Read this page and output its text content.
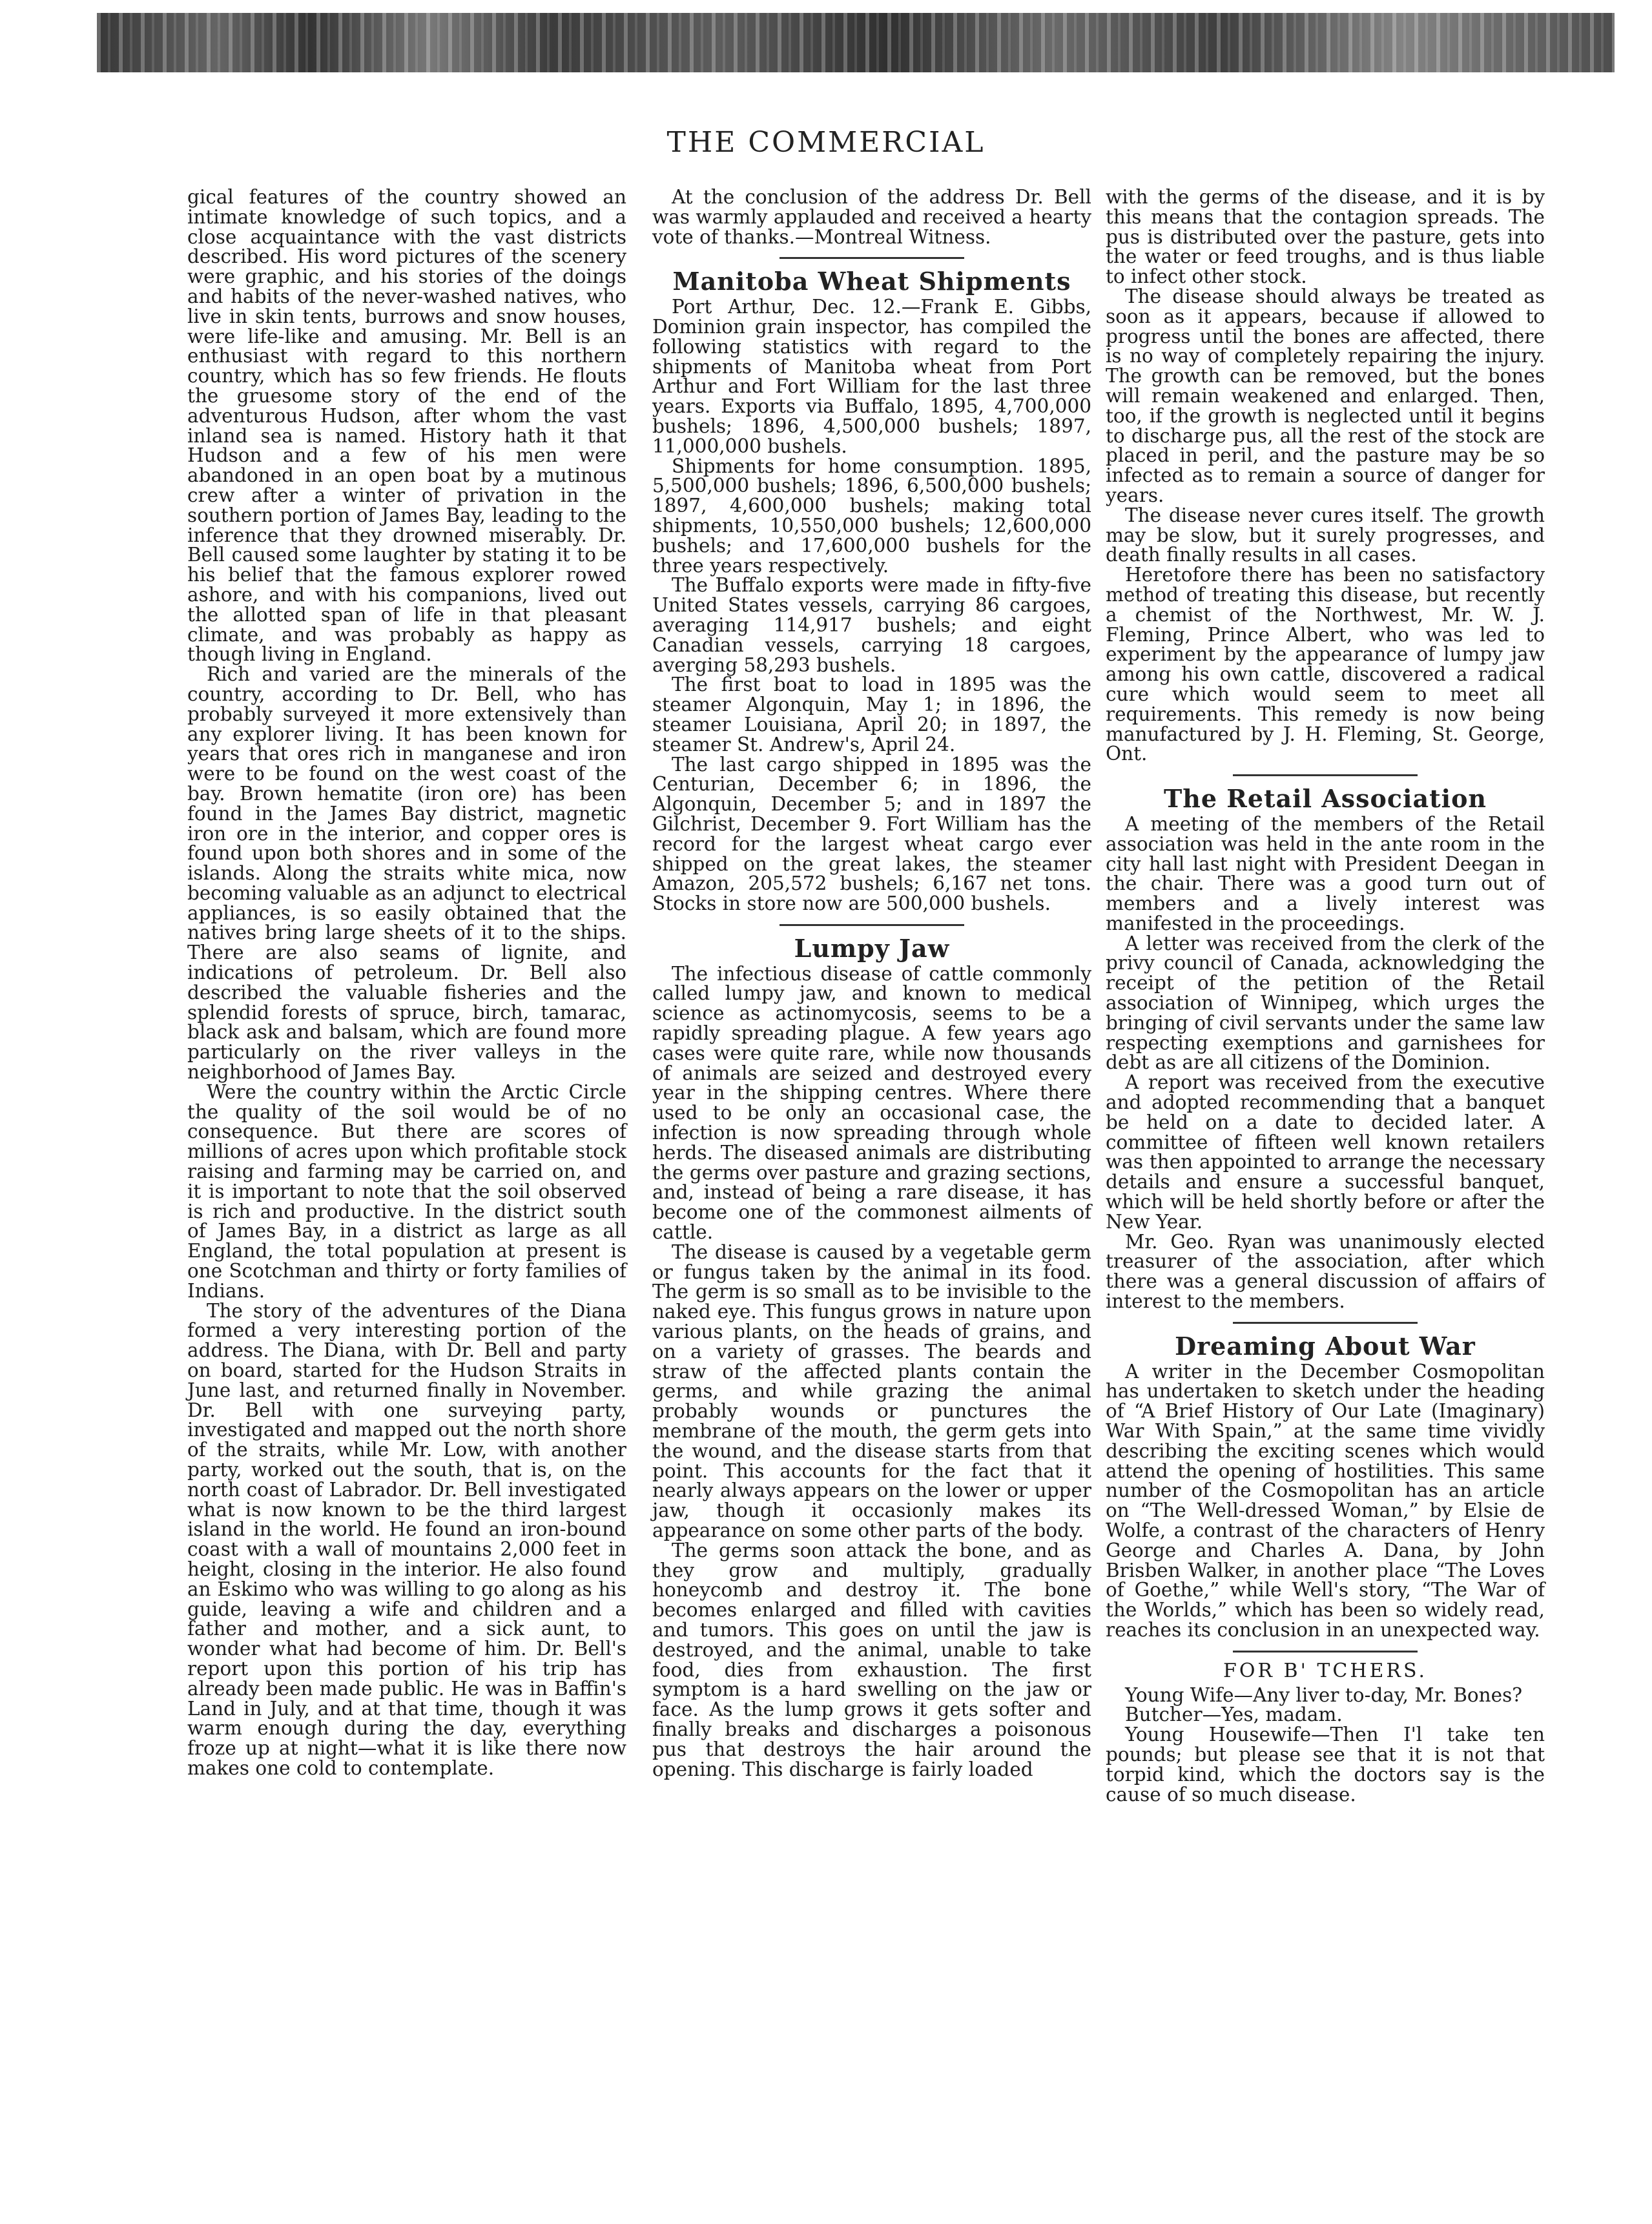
THE COMMERCIAL

gical features of the country showed an intimate knowledge of such topics, and a close acquaintance with the vast districts described. His word pictures of the scenery were graphic, and his stories of the doings and habits of the never-washed natives, who live in skin tents, burrows and snow houses, were life-like and amusing. Mr. Bell is an enthusiast with regard to this northern country, which has so few friends. He flouts the gruesome story of the end of the adventurous Hudson, after whom the vast inland sea is named. History hath it that Hudson and a few of his men were abandoned in an open boat by a mutinous crew after a winter of privation in the southern portion of James Bay, leading to the inference that they drowned miserably. Dr. Bell caused some laughter by stating it to be his belief that the famous explorer rowed ashore, and with his companions, lived out the allotted span of life in that pleasant climate, and was probably as happy as though living in England.

Rich and varied are the minerals of the country, according to Dr. Bell, who has probably surveyed it more extensively than any explorer living. It has been known for years that ores rich in manganese and iron were to be found on the west coast of the bay. Brown hematite (iron ore) has been found in the James Bay district, magnetic iron ore in the interior, and copper ores is found upon both shores and in some of the islands. Along the straits white mica, now becoming valuable as an adjunct to electrical appliances, is so easily obtained that the natives bring large sheets of it to the ships. There are also seams of lignite, and indications of petroleum. Dr. Bell also described the valuable fisheries and the splendid forests of spruce, birch, tamarac, black ask and balsam, which are found more particularly on the river valleys in the neighborhood of James Bay.

Were the country within the Arctic Circle the quality of the soil would be of no consequence. But there are scores of millions of acres upon which profitable stock raising and farming may be carried on, and it is important to note that the soil observed is rich and productive. In the district south of James Bay, in a district as large as all England, the total population at present is one Scotchman and thirty or forty families of Indians.

The story of the adventures of the Diana formed a very interesting portion of the address. The Diana, with Dr. Bell and party on board, started for the Hudson Straits in June last, and returned finally in November. Dr. Bell with one surveying party, investigated and mapped out the north shore of the straits, while Mr. Low, with another party, worked out the south, that is, on the north coast of Labrador. Dr. Bell investigated what is now known to be the third largest island in the world. He found an iron-bound coast with a wall of mountains 2,000 feet in height, closing in the interior. He also found an Eskimo who was willing to go along as his guide, leaving a wife and children and a father and mother, and a sick aunt, to wonder what had become of him. Dr. Bell's report upon this portion of his trip has already been made public. He was in Baffin's Land in July, and at that time, though it was warm enough during the day, everything froze up at night—what it is like there now makes one cold to contemplate.

At the conclusion of the address Dr. Bell was warmly applauded and received a hearty vote of thanks.—Montreal Witness.

Manitoba Wheat Shipments

Port Arthur, Dec. 12.—Frank E. Gibbs, Dominion grain inspector, has compiled the following statistics with regard to the shipments of Manitoba wheat from Port Arthur and Fort William for the last three years. Exports via Buffalo, 1895, 4,700,000 bushels; 1896, 4,500,000 bushels; 1897, 11,000,000 bushels.

Shipments for home consumption. 1895, 5,500,000 bushels; 1896, 6,500,000 bushels; 1897, 4,600,000 bushels; making total shipments, 10,550,000 bushels; 12,600,000 bushels; and 17,600,000 bushels for the three years respectively.

The Buffalo exports were made in fifty-five United States vessels, carrying 86 cargoes, averaging 114,917 bushels; and eight Canadian vessels, carrying 18 cargoes, averging 58,293 bushels.

The first boat to load in 1895 was the steamer Algonquin, May 1; in 1896, the steamer Louisiana, April 20; in 1897, the steamer St. Andrew's, April 24.

The last cargo shipped in 1895 was the Centurian, December 6; in 1896, the Algonquin, December 5; and in 1897 the Gilchrist, December 9. Fort William has the record for the largest wheat cargo ever shipped on the great lakes, the steamer Amazon, 205,572 bushels; 6,167 net tons. Stocks in store now are 500,000 bushels.

Lumpy Jaw

The infectious disease of cattle commonly called lumpy jaw, and known to medical science as actinomycosis, seems to be a rapidly spreading plague. A few years ago cases were quite rare, while now thousands of animals are seized and destroyed every year in the shipping centres. Where there used to be only an occasional case, the infection is now spreading through whole herds. The diseased animals are distributing the germs over pasture and grazing sections, and, instead of being a rare disease, it has become one of the commonest ailments of cattle.

The disease is caused by a vegetable germ or fungus taken by the animal in its food. The germ is so small as to be invisible to the naked eye. This fungus grows in nature upon various plants, on the heads of grains, and on a variety of grasses. The beards and straw of the affected plants contain the germs, and while grazing the animal probably wounds or punctures the membrane of the mouth, the germ gets into the wound, and the disease starts from that point. This accounts for the fact that it nearly always appears on the lower or upper jaw, though it occasionly makes its appearance on some other parts of the body.

The germs soon attack the bone, and as they grow and multiply, gradually honeycomb and destroy it. The bone becomes enlarged and filled with cavities and tumors. This goes on until the jaw is destroyed, and the animal, unable to take food, dies from exhaustion. The first symptom is a hard swelling on the jaw or face. As the lump grows it gets softer and finally breaks and discharges a poisonous pus that destroys the hair around the opening. This discharge is fairly loaded

with the germs of the disease, and it is by this means that the contagion spreads. The pus is distributed over the pasture, gets into the water or feed troughs, and is thus liable to infect other stock.

The disease should always be treated as soon as it appears, because if allowed to progress until the bones are affected, there is no way of completely repairing the injury. The growth can be removed, but the bones will remain weakened and enlarged. Then, too, if the growth is neglected until it begins to discharge pus, all the rest of the stock are placed in peril, and the pasture may be so infected as to remain a source of danger for years.

The disease never cures itself. The growth may be slow, but it surely progresses, and death finally results in all cases.

Heretofore there has been no satisfactory method of treating this disease, but recently a chemist of the Northwest, Mr. W. J. Fleming, Prince Albert, who was led to experiment by the appearance of lumpy jaw among his own cattle, discovered a radical cure which would seem to meet all requirements. This remedy is now being manufactured by J. H. Fleming, St. George, Ont.

The Retail Association

A meeting of the members of the Retail association was held in the ante room in the city hall last night with President Deegan in the chair. There was a good turn out of members and a lively interest was manifested in the proceedings.

A letter was received from the clerk of the privy council of Canada, acknowledging the receipt of the petition of the Retail association of Winnipeg, which urges the bringing of civil servants under the same law respecting exemptions and garnishees for debt as are all citizens of the Dominion.

A report was received from the executive and adopted recommending that a banquet be held on a date to decided later. A committee of fifteen well known retailers was then appointed to arrange the necessary details and ensure a successful banquet, which will be held shortly before or after the New Year.

Mr. Geo. Ryan was unanimously elected treasurer of the association, after which there was a general discussion of affairs of interest to the members.

Dreaming About War

A writer in the December Cosmopolitan has undertaken to sketch under the heading of “A Brief History of Our Late (Imaginary) War With Spain,” at the same time vividly describing the exciting scenes which would attend the opening of hostilities. This same number of the Cosmopolitan has an article on “The Well-dressed Woman,” by Elsie de Wolfe, a contrast of the characters of Henry George and Charles A. Dana, by John Brisben Walker, in another place “The Loves of Goethe,” while Well's story, “The War of the Worlds,” which has been so widely read, reaches its conclusion in an unexpected way.

FOR B' TCHERS.

Young Wife—Any liver to-day, Mr. Bones?

Butcher—Yes, madam.

Young Housewife—Then I'l take ten pounds; but please see that it is not that torpid kind, which the doctors say is the cause of so much disease.
